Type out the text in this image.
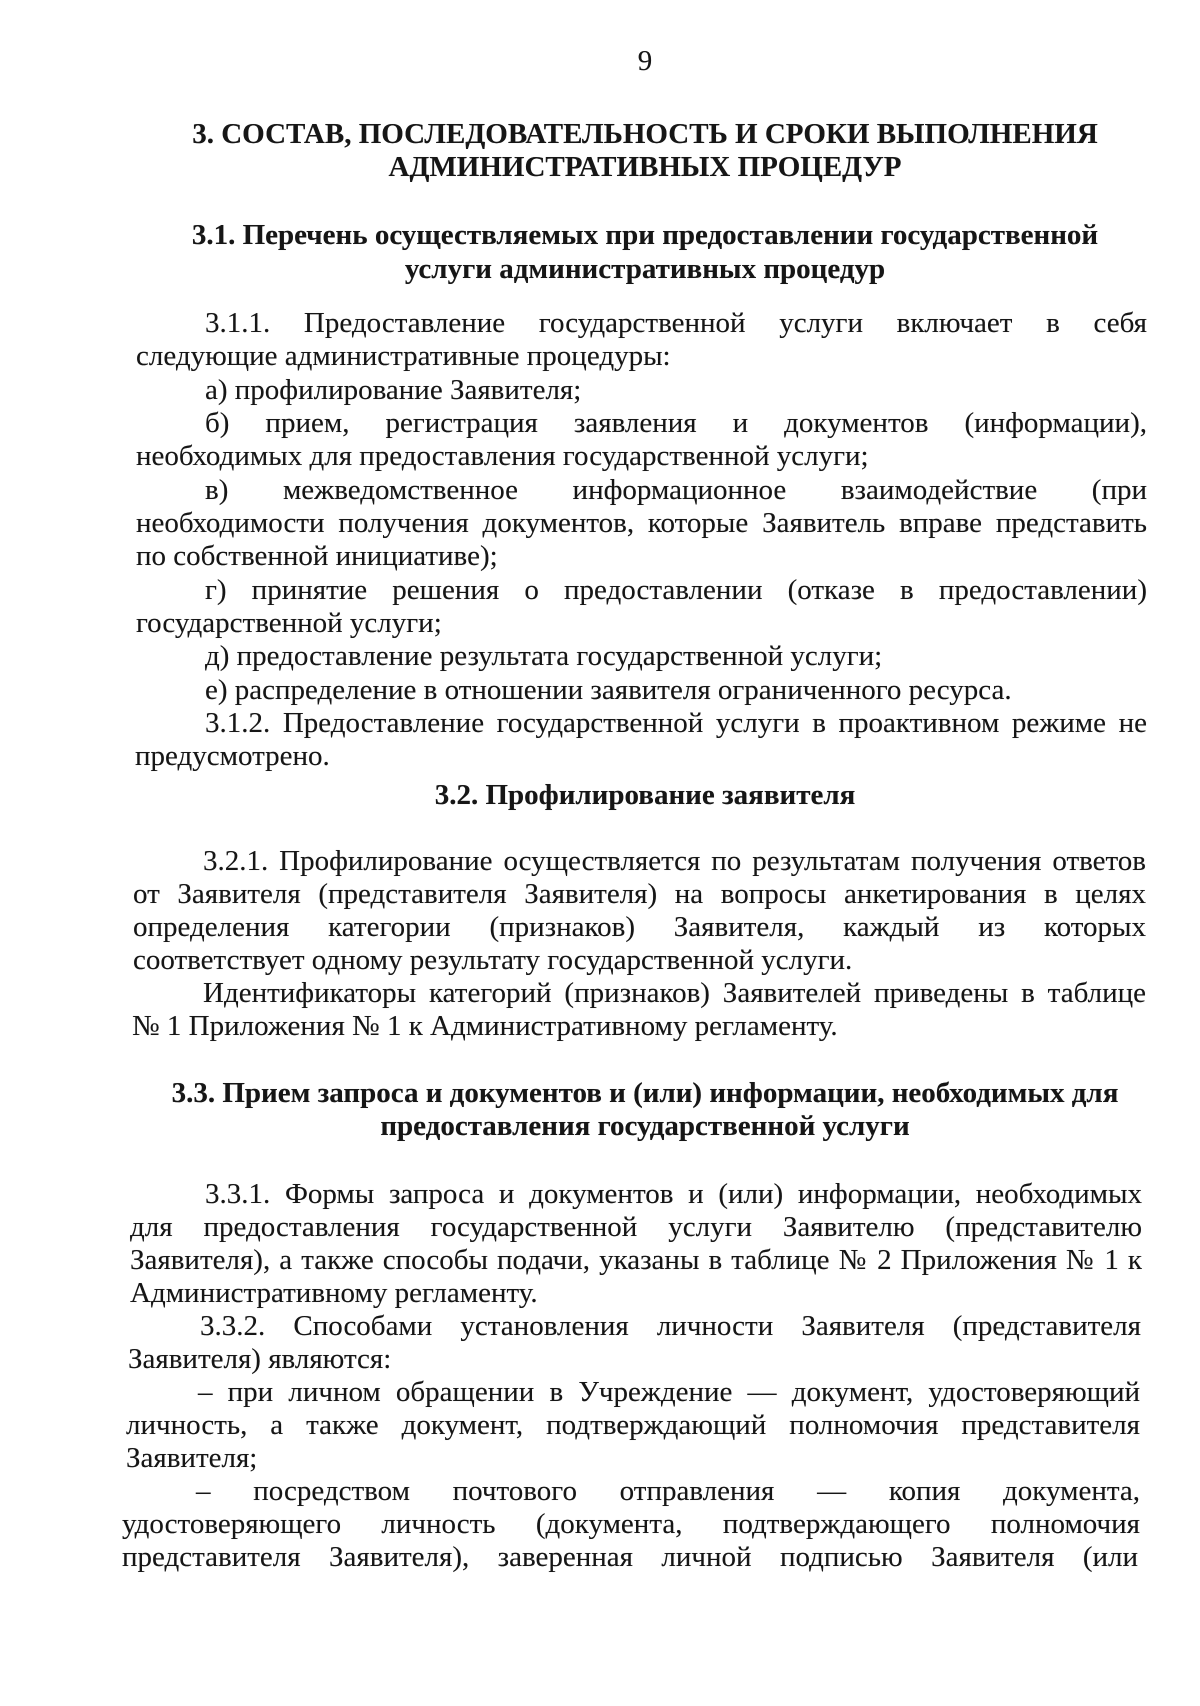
9
3. СОСТАВ, ПОСЛЕДОВАТЕЛЬНОСТЬ И СРОКИ ВЫПОЛНЕНИЯ
АДМИНИСТРАТИВНЫХ ПРОЦЕДУР
3.1. Перечень осуществляемых при предоставлении государственной
услуги административных процедур
3.1.1. Предоставление государственной услуги включает в себя
следующие административные процедуры:
а) профилирование Заявителя;
б) прием, регистрация заявления и документов (информации),
необходимых для предоставления государственной услуги;
в) межведомственное информационное взаимодействие (при
необходимости получения документов, которые Заявитель вправе представить
по собственной инициативе);
г) принятие решения о предоставлении (отказе в предоставлении)
государственной услуги;
д) предоставление результата государственной услуги;
е) распределение в отношении заявителя ограниченного ресурса.
3.1.2. Предоставление государственной услуги в проактивном режиме не
предусмотрено.
3.2. Профилирование заявителя
3.2.1. Профилирование осуществляется по результатам получения ответов
от Заявителя (представителя Заявителя) на вопросы анкетирования в целях
определения категории (признаков) Заявителя, каждый из которых
соответствует одному результату государственной услуги.
Идентификаторы категорий (признаков) Заявителей приведены в таблице
№ 1 Приложения № 1 к Административному регламенту.
3.3. Прием запроса и документов и (или) информации, необходимых для
предоставления государственной услуги
3.3.1. Формы запроса и документов и (или) информации, необходимых
для предоставления государственной услуги Заявителю (представителю
Заявителя), а также способы подачи, указаны в таблице № 2 Приложения № 1 к
Административному регламенту.
3.3.2. Способами установления личности Заявителя (представителя
Заявителя) являются:
– при личном обращении в Учреждение — документ, удостоверяющий
личность, а также документ, подтверждающий полномочия представителя
Заявителя;
– посредством почтового отправления — копия документа,
удостоверяющего личность (документа, подтверждающего полномочия
представителя Заявителя), заверенная личной подписью Заявителя (или
